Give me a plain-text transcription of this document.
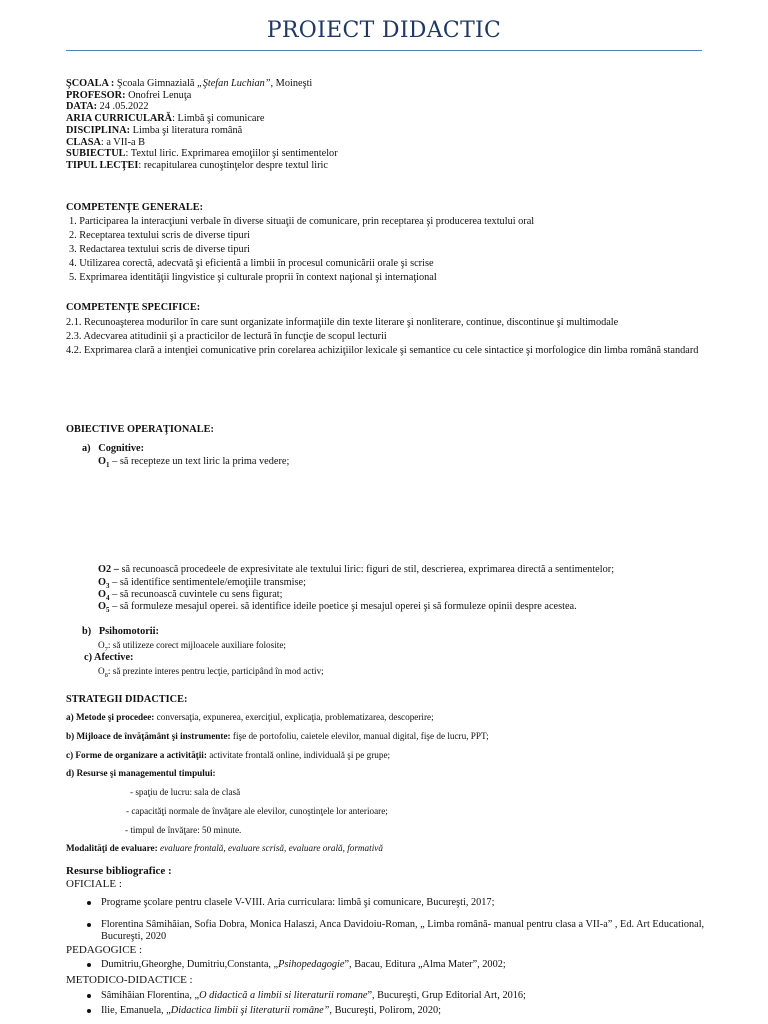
PROIECT DIDACTIC

ŞCOALA : Şcoala Gimnazială „Ştefan Luchian”, Moineşti

PROFESOR: Onofrei Lenuţa

DATA: 24 .05.2022

ARIA CURRICULARĂ: Limbă şi comunicare

DISCIPLINA: Limba şi literatura română

CLASA: a VII-a B

SUBIECTUL: Textul liric. Exprimarea emoţiilor şi sentimentelor

TIPUL LECŢEI: recapitularea cunoştinţelor despre textul liric

COMPETENŢE GENERALE:

1. Participarea la interacţiuni verbale în diverse situaţii de comunicare, prin receptarea şi producerea textului oral

2. Receptarea textului scris de diverse tipuri

3. Redactarea textului scris de diverse tipuri

4. Utilizarea corectă, adecvată şi eficientă a limbii în procesul comunicării orale şi scrise

5. Exprimarea identităţii lingvistice şi culturale proprii în context naţional şi internaţional

COMPETENŢE SPECIFICE:

2.1. Recunoaşterea modurilor în care sunt organizate informaţiile din texte literare şi nonliterare, continue, discontinue şi multimodale

2.3. Adecvarea atitudinii şi a practicilor de lectură în funcţie de scopul lecturii

4.2. Exprimarea clară a intenţiei comunicative prin corelarea achiziţiilor lexicale şi semantice cu cele sintactice şi morfologice din limba română standard

OBIECTIVE OPERAŢIONALE:

a)   Cognitive:
$O_1$ – să recepteze un text liric la prima vedere;
O2 – să recunoască procedeele de expresivitate ale textului liric: figuri de stil, descrierea, exprimarea directă a sentimentelor;
$O_3$ – să identifice sentimentele/emoţiile transmise;
$O_4$ – să recunoască cuvintele cu sens figurat;
$O_5$ – să formuleze mesajul operei. să identifice ideile poetice şi mesajul operei şi să formuleze opinii despre acestea.
b)   Psihomotorii:
$O_7$: să utilizeze corect mijloacele auxiliare folosite;
c) Afective:
$O_8$: să prezinte interes pentru lecţie, participând în mod activ;

STRATEGII DIDACTICE:

a) Metode şi procedee: conversaţia, expunerea, exerciţiul, explicaţia, problematizarea, descoperire;

b) Mijloace de învăţământ şi instrumente: fişe de portofoliu, caietele elevilor, manual digital, fişe de lucru, PPT;

c) Forme de organizare a activităţii: activitate frontală online, individuală şi pe grupe;

d) Resurse şi managementul timpului:

- spaţiu de lucru: sala de clasă
- capacităţi normale de învăţare ale elevilor, cunoştinţele lor anterioare;
- timpul de învăţare: 50 minute.

Modalităţi de evaluare: evaluare frontală, evaluare scrisă, evaluare orală, formativă

Resurse bibliografice :

OFICIALE :

Programe şcolare pentru clasele V-VIII. Aria curriculara: limbă şi comunicare, Bucureşti, 2017;
Florentina Sâmihăian, Sofia Dobra, Monica Halaszi, Anca Davidoiu-Roman, „ Limba română- manual pentru clasa a VII-a” , Ed. Art Educational, Bucureşti, 2020

PEDAGOGICE :

Dumitriu,Gheorghe, Dumitriu,Constanta, „Psihopedagogie”, Bacau, Editura „Alma Mater”, 2002;

METODICO-DIDACTICE :

Sâmihăian Florentina, „O didactică a limbii si literaturii romane”, Bucureşti, Grup Editorial Art, 2016;
Ilie, Emanuela, „Didactica limbii şi literaturii române”, Bucureşti, Polirom, 2020;
